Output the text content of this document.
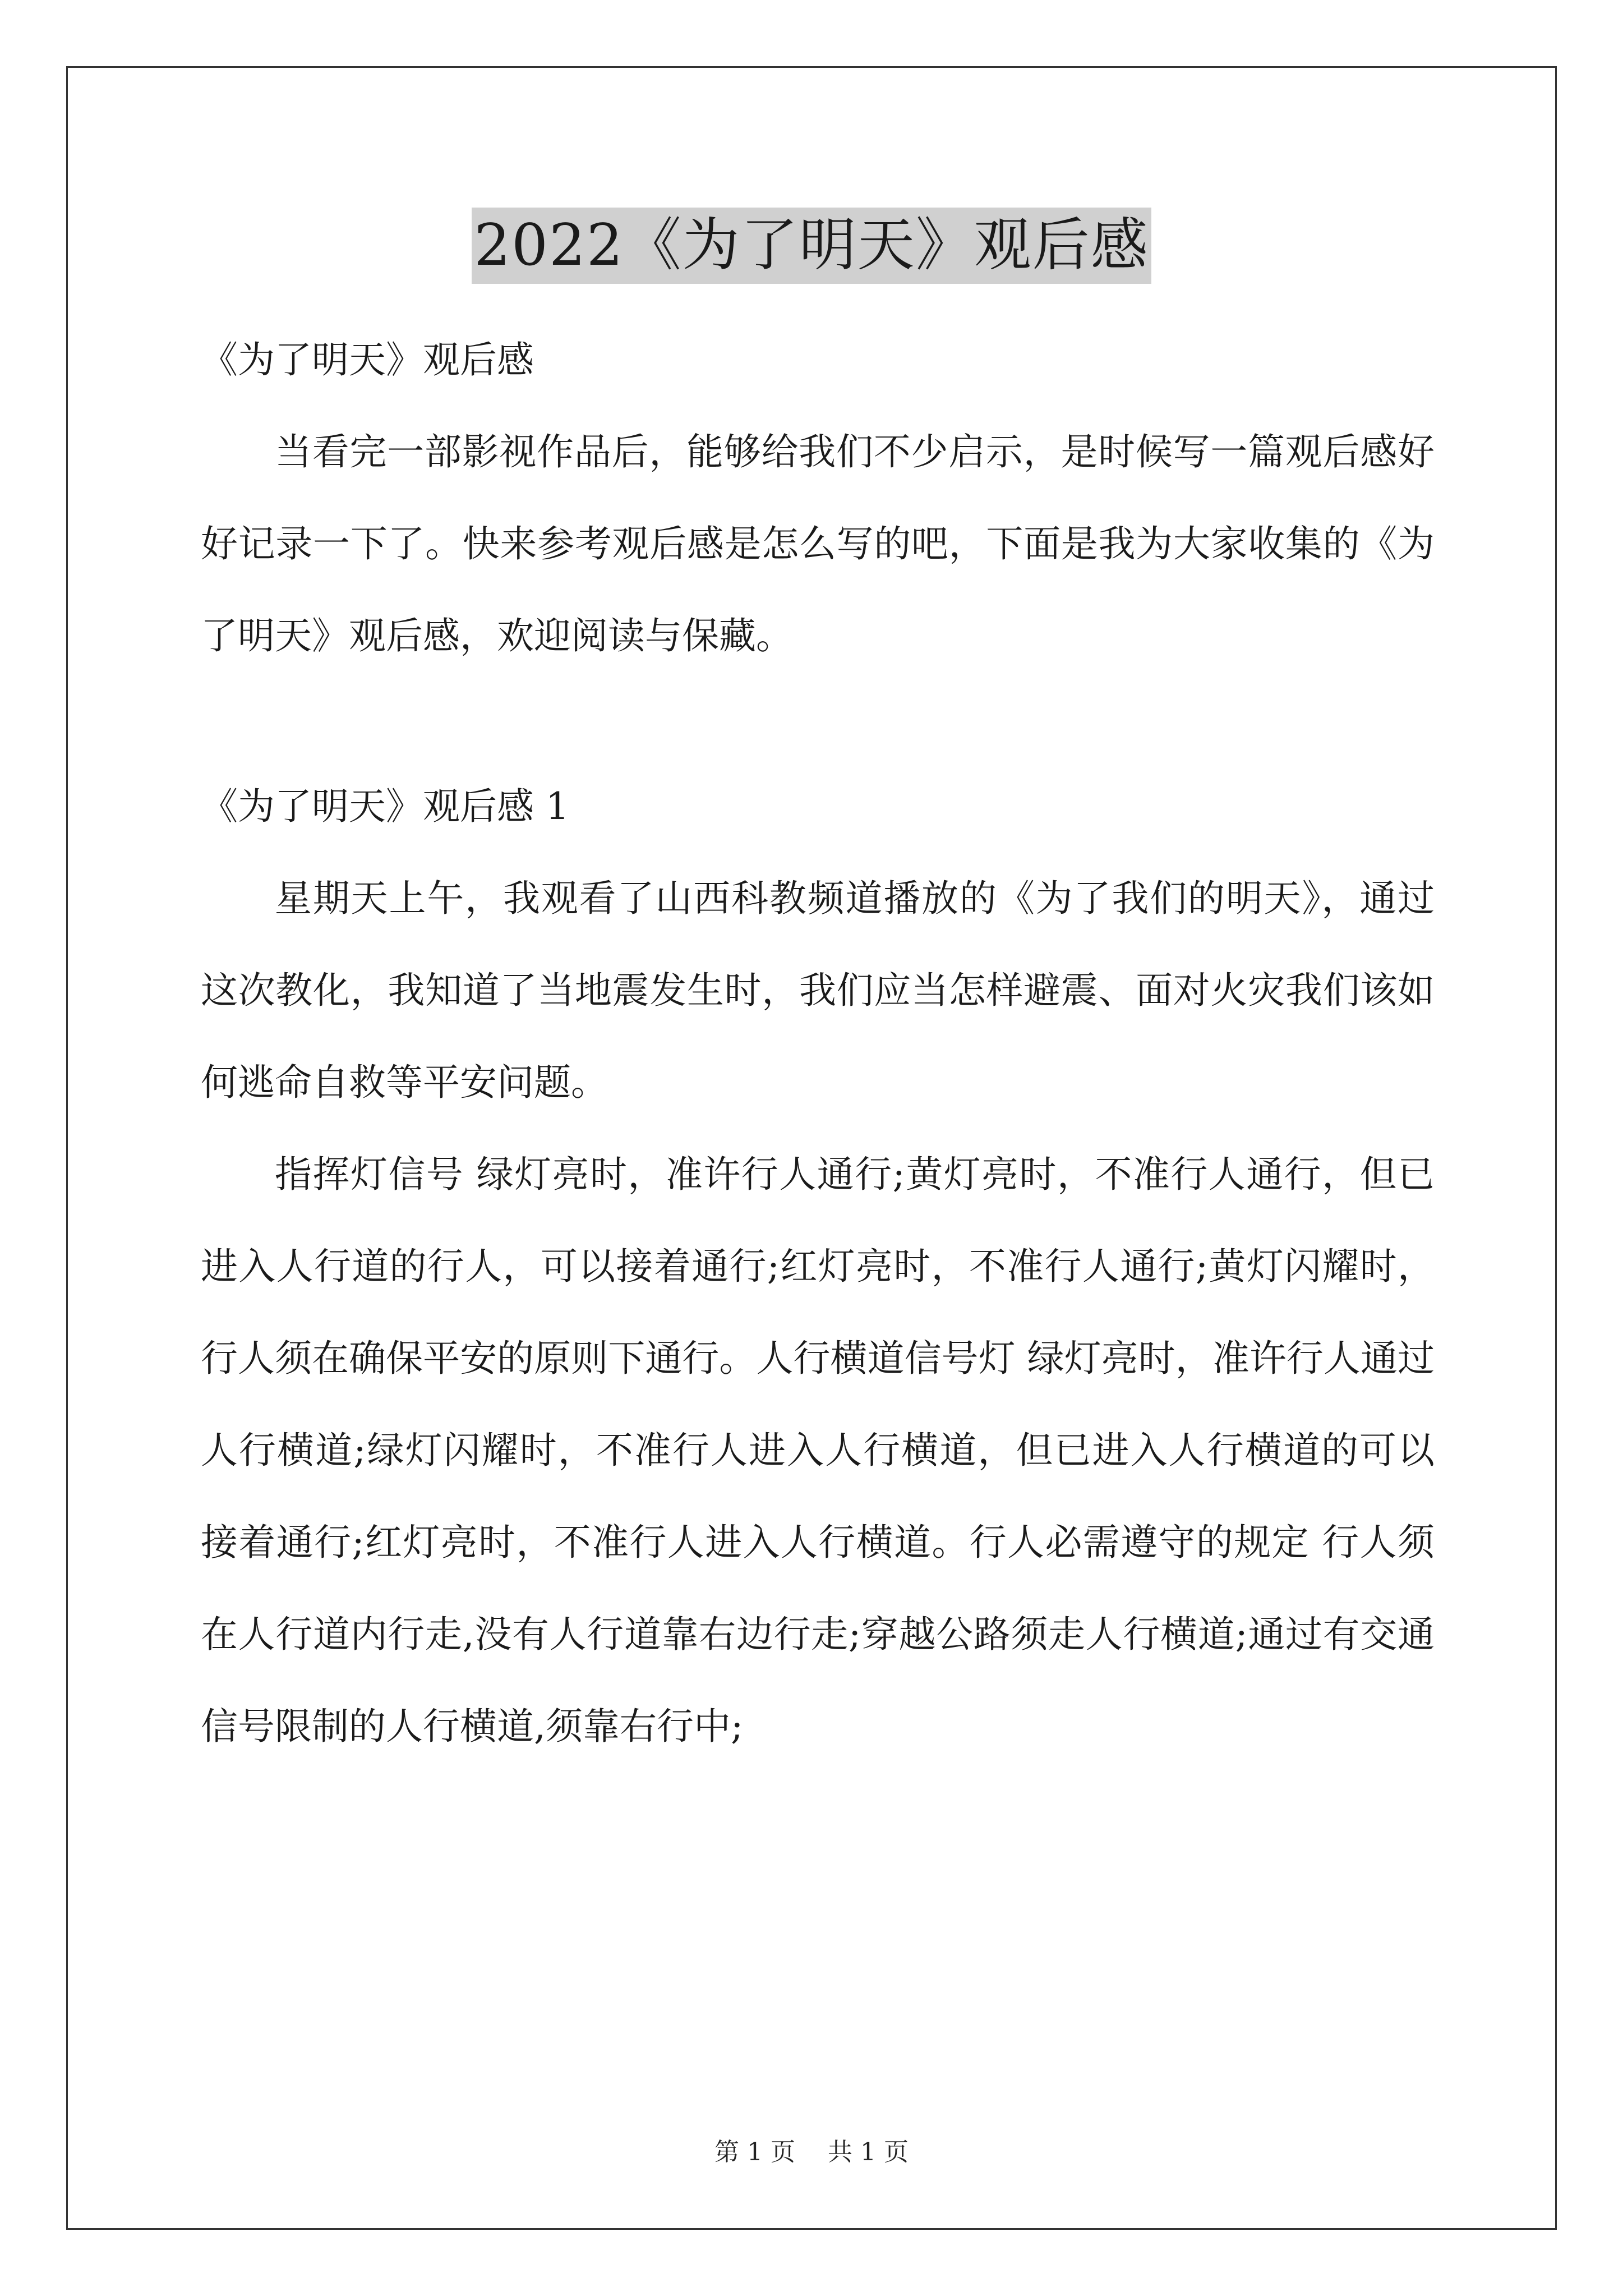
2022《为了明天》观后感

《为了明天》观后感

当看完一部影视作品后，能够给我们不少启示，是时候写一篇观后感好好记录一下了。快来参考观后感是怎么写的吧，下面是我为大家收集的《为了明天》观后感，欢迎阅读与保藏。

《为了明天》观后感 1

星期天上午，我观看了山西科教频道播放的《为了我们的明天》，通过这次教化，我知道了当地震发生时，我们应当怎样避震、面对火灾我们该如何逃命自救等平安问题。

指挥灯信号 绿灯亮时，准许行人通行;黄灯亮时，不准行人通行，但已进入人行道的行人，可以接着通行;红灯亮时，不准行人通行;黄灯闪耀时，行人须在确保平安的原则下通行。人行横道信号灯 绿灯亮时，准许行人通过人行横道;绿灯闪耀时，不准行人进入人行横道，但已进入人行横道的可以接着通行;红灯亮时，不准行人进入人行横道。行人必需遵守的规定 行人须在人行道内行走,没有人行道靠右边行走;穿越公路须走人行横道;通过有交通信号限制的人行横道,须靠右行中;

第 1 页 共 1 页
